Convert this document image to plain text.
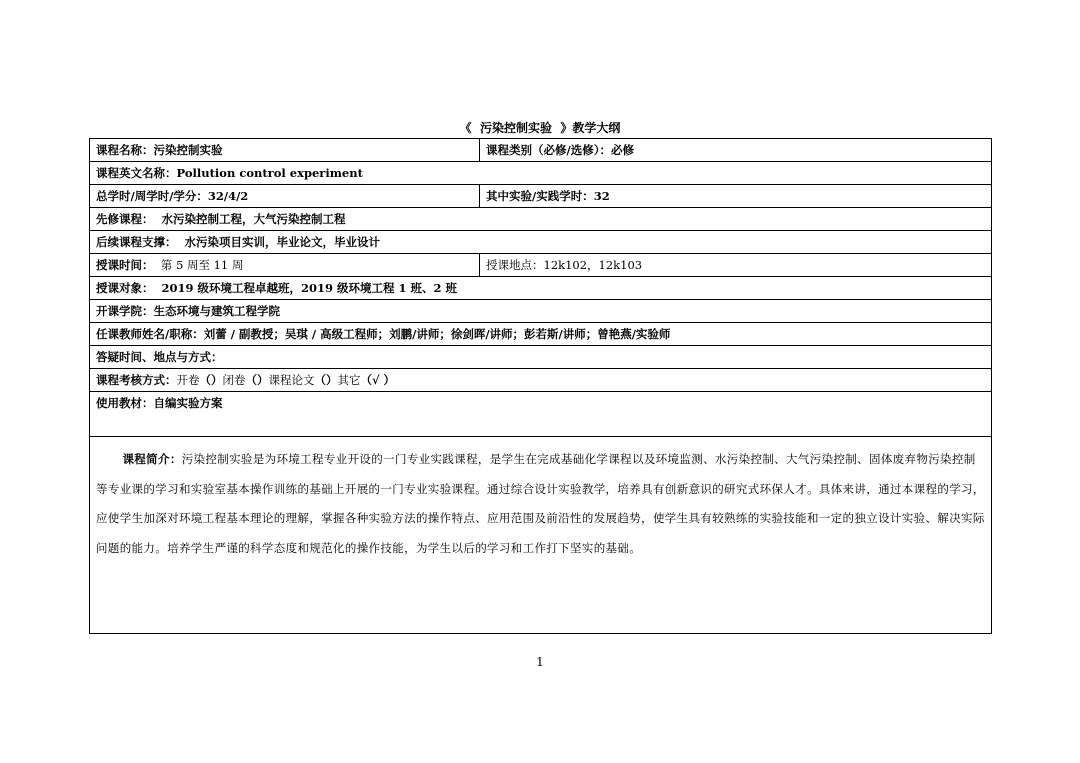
《  污染控制实验  》教学大纲
课程名称：污染控制实验	课程类别（必修/选修）：必修
课程英文名称：Pollution control experiment	
总学时/周学时/学分：32/4/2	其中实验/实践学时：32
先修课程：  水污染控制工程，大气污染控制工程	
后续课程支撑：  水污染项目实训，毕业论文，毕业设计	
授课时间：  第 5 周至 11 周	授课地点：12k102，12k103
授课对象：  2019 级环境工程卓越班，2019 级环境工程 1 班、2 班	
开课学院：生态环境与建筑工程学院	
任课教师姓名/职称：刘蕾 / 副教授；吴琪 / 高级工程师；刘鹏/讲师；徐剑晖/讲师；彭若斯/讲师；曾艳燕/实验师	
答疑时间、地点与方式：	
课程考核方式：开卷（）闭卷（）课程论文（）其它（√ ）	
使用教材：自编实验方案	

课程简介：污染控制实验是为环境工程专业开设的一门专业实践课程，是学生在完成基础化学课程以及环境监测、水污染控制、大气污染控制、固体废弃物污染控制等专业课的学习和实验室基本操作训练的基础上开展的一门专业实验课程。通过综合设计实验教学，培养具有创新意识的研究式环保人才。具体来讲，通过本课程的学习，应使学生加深对环境工程基本理论的理解，掌握各种实验方法的操作特点、应用范围及前沿性的发展趋势，使学生具有较熟练的实验技能和一定的独立设计实验、解决实际问题的能力。培养学生严谨的科学态度和规范化的操作技能，为学生以后的学习和工作打下坚实的基础。	

1
